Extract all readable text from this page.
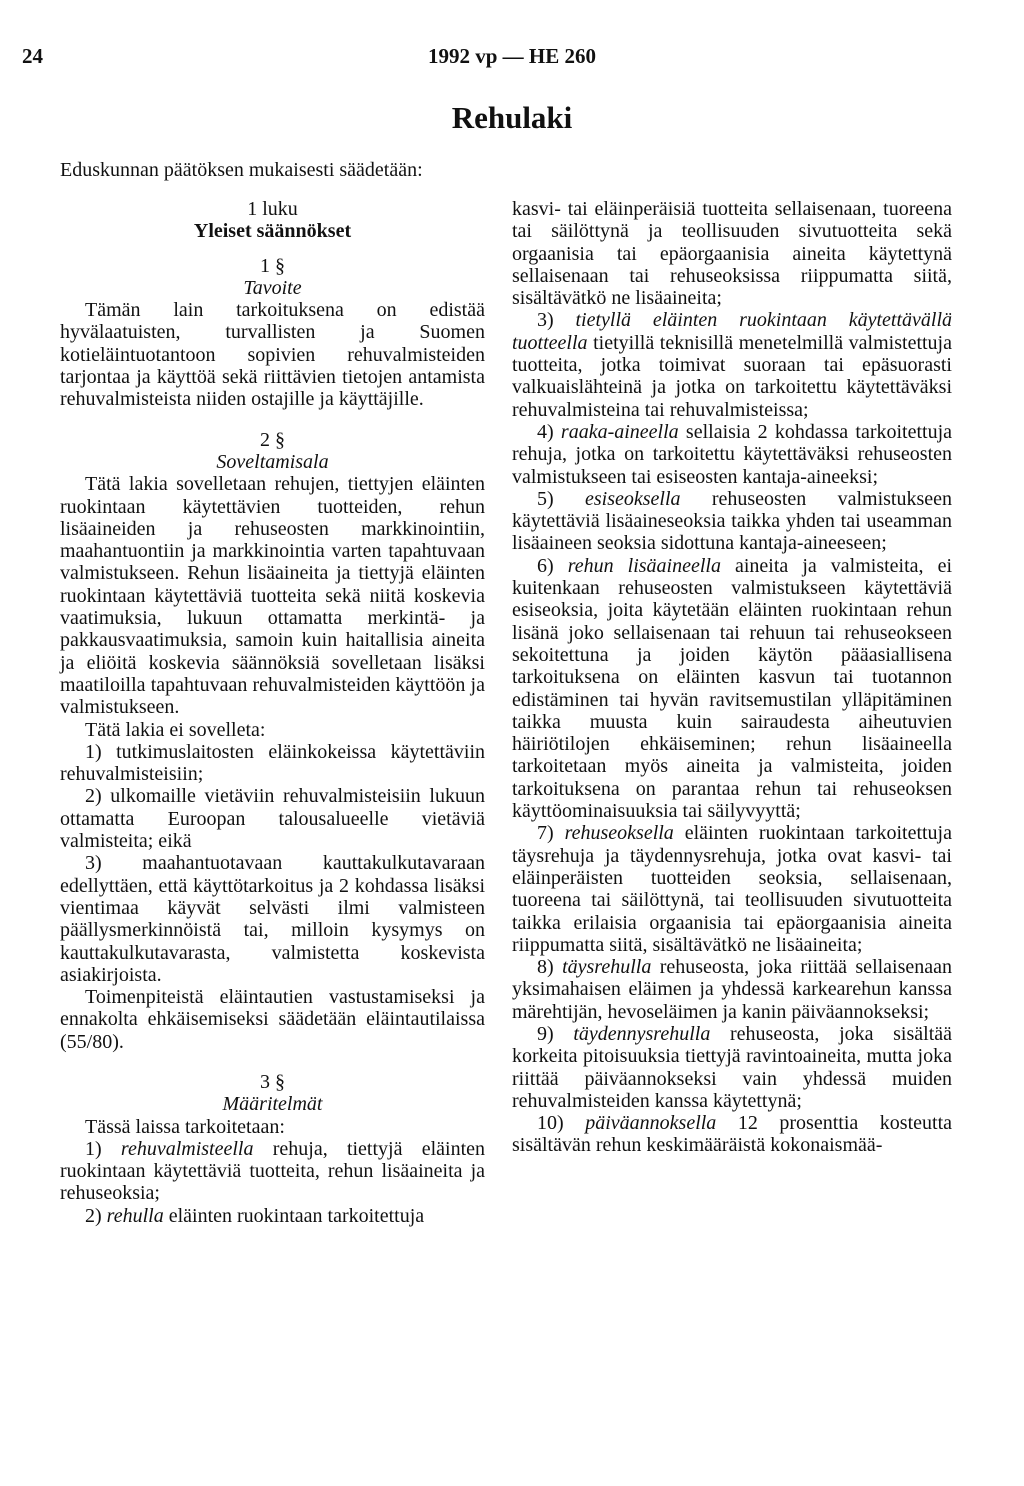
24	1992 vp — HE 260
Rehulaki

Eduskunnan päätöksen mukaisesti säädetään:

1 luku
Yleiset säännökset
1 §
Tavoite

Tämän lain tarkoituksena on edistää hyvälaatuisten, turvallisten ja Suomen kotieläintuotantoon sopivien rehuvalmisteiden tarjontaa ja käyttöä sekä riittävien tietojen antamista rehuvalmisteista niiden ostajille ja käyttäjille.

2 §
Soveltamisala

Tätä lakia sovelletaan rehujen, tiettyjen eläinten ruokintaan käytettävien tuotteiden, rehun lisäaineiden ja rehuseosten markkinointiin, maahantuontiin ja markkinointia varten tapahtuvaan valmistukseen. Rehun lisäaineita ja tiettyjä eläinten ruokintaan käytettäviä tuotteita sekä niitä koskevia vaatimuksia, lukuun ottamatta merkintä- ja pakkausvaatimuksia, samoin kuin haitallisia aineita ja eliöitä koskevia säännöksiä sovelletaan lisäksi maatiloilla tapahtuvaan rehuvalmisteiden käyttöön ja valmistukseen.

Tätä lakia ei sovelleta:

1) tutkimuslaitosten eläinkokeissa käytettäviin rehuvalmisteisiin;

2) ulkomaille vietäviin rehuvalmisteisiin lukuun ottamatta Euroopan talousalueelle vietäviä valmisteita; eikä

3) maahantuotavaan kauttakulkutavaraan edellyttäen, että käyttötarkoitus ja 2 kohdassa lisäksi vientimaa käyvät selvästi ilmi valmisteen päällysmerkinnöistä tai, milloin kysymys on kauttakulkutavarasta, valmistetta koskevista asiakirjoista.

Toimenpiteistä eläintautien vastustamiseksi ja ennakolta ehkäisemiseksi säädetään eläintautilaissa (55/80).

3 §
Määritelmät

Tässä laissa tarkoitetaan:

1) rehuvalmisteella rehuja, tiettyjä eläinten ruokintaan käytettäviä tuotteita, rehun lisäaineita ja rehuseoksia;

2) rehulla eläinten ruokintaan tarkoitettuja

kasvi- tai eläinperäisiä tuotteita sellaisenaan, tuoreena tai säilöttynä ja teollisuuden sivutuotteita sekä orgaanisia tai epäorgaanisia aineita käytettynä sellaisenaan tai rehuseoksissa riippumatta siitä, sisältävätkö ne lisäaineita;

3) tietyllä eläinten ruokintaan käytettävällä tuotteella tietyillä teknisillä menetelmillä valmistettuja tuotteita, jotka toimivat suoraan tai epäsuorasti valkuaislähteinä ja jotka on tarkoitettu käytettäväksi rehuvalmisteina tai rehuvalmisteissa;

4) raaka-aineella sellaisia 2 kohdassa tarkoitettuja rehuja, jotka on tarkoitettu käytettäväksi rehuseosten valmistukseen tai esiseosten kantaja-aineeksi;

5) esiseoksella rehuseosten valmistukseen käytettäviä lisäaineseoksia taikka yhden tai useamman lisäaineen seoksia sidottuna kantaja-aineeseen;

6) rehun lisäaineella aineita ja valmisteita, ei kuitenkaan rehuseosten valmistukseen käytettäviä esiseoksia, joita käytetään eläinten ruokintaan rehun lisänä joko sellaisenaan tai rehuun tai rehuseokseen sekoitettuna ja joiden käytön pääasiallisena tarkoituksena on eläinten kasvun tai tuotannon edistäminen tai hyvän ravitsemustilan ylläpitäminen taikka muusta kuin sairaudesta aiheutuvien häiriötilojen ehkäiseminen; rehun lisäaineella tarkoitetaan myös aineita ja valmisteita, joiden tarkoituksena on parantaa rehun tai rehuseoksen käyttöominaisuuksia tai säilyvyyttä;

7) rehuseoksella eläinten ruokintaan tarkoitettuja täysrehuja ja täydennysrehuja, jotka ovat kasvi- tai eläinperäisten tuotteiden seoksia, sellaisenaan, tuoreena tai säilöttynä, tai teollisuuden sivutuotteita taikka erilaisia orgaanisia tai epäorgaanisia aineita riippumatta siitä, sisältävätkö ne lisäaineita;

8) täysrehulla rehuseosta, joka riittää sellaisenaan yksimahaisen eläimen ja yhdessä karkearehun kanssa märehtijän, hevoseläimen ja kanin päiväannokseksi;

9) täydennysrehulla rehuseosta, joka sisältää korkeita pitoisuuksia tiettyjä ravintoaineita, mutta joka riittää päiväannokseksi vain yhdessä muiden rehuvalmisteiden kanssa käytettynä;

10) päiväannoksella 12 prosenttia kosteutta sisältävän rehun keskimääräistä kokonaismää-
